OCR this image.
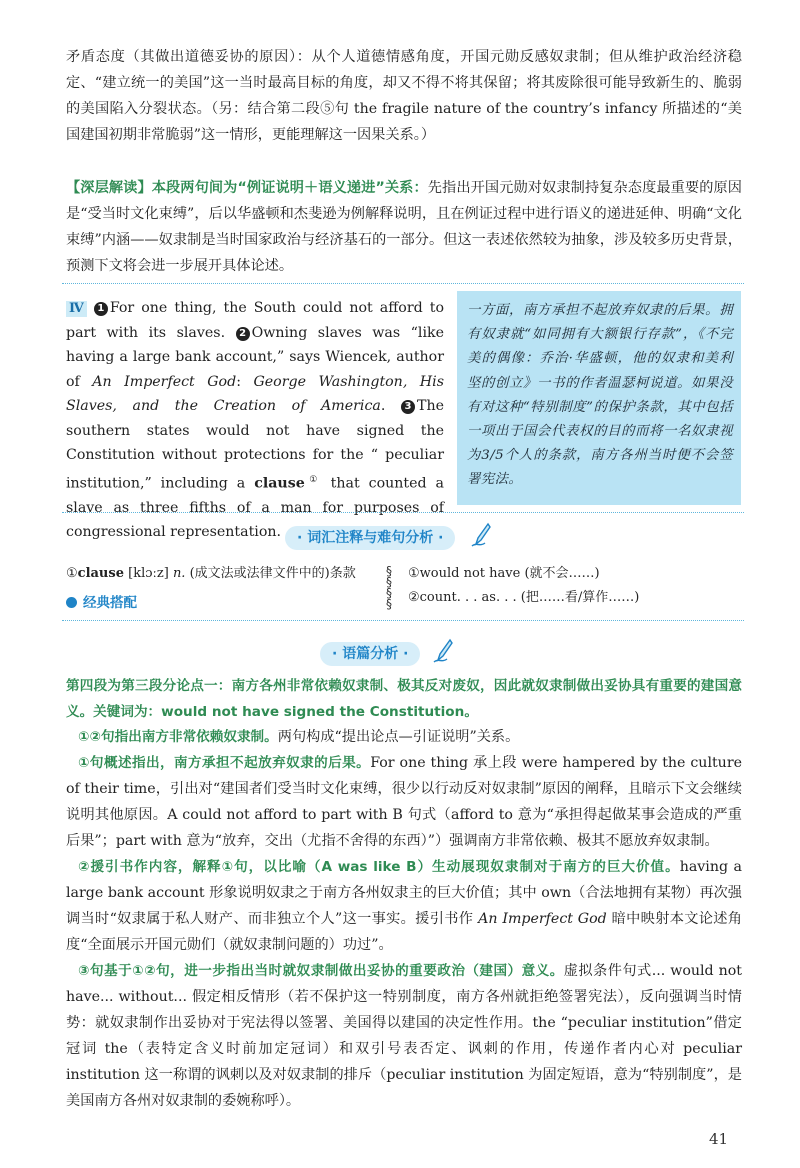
矛盾态度（其做出道德妥协的原因）：从个人道德情感角度，开国元勋反感奴隶制；但从维护政治经济稳定、“建立统一的美国”这一当时最高目标的角度，却又不得不将其保留；将其废除很可能导致新生的、脆弱的美国陷入分裂状态。（另：结合第二段⑤句 the fragile nature of the country’s infancy 所描述的“美国建国初期非常脆弱”这一情形，更能理解这一因果关系。）

【深层解读】本段两句间为“例证说明＋语义递进”关系：先指出开国元勋对奴隶制持复杂态度最重要的原因是“受当时文化束缚”，后以华盛顿和杰斐逊为例解释说明，且在例证过程中进行语义的递进延伸、明确“文化束缚”内涵——奴隶制是当时国家政治与经济基石的一部分。但这一表述依然较为抽象，涉及较多历史背景，预测下文将会进一步展开具体论述。

Ⅳ 1 For one thing, the South could not afford to part with its slaves. 2 Owning slaves was “like having a large bank account,” says Wiencek, author of An Imperfect God: George Washington, His Slaves, and the Creation of America. 3 The southern states would not have signed the Constitution without protections for the “ peculiar institution,” including a clause① that counted a slave as three fifths of a man for purposes of congressional representation.

一方面，南方承担不起放弃奴隶的后果。拥有奴隶就“如同拥有大额银行存款”，《不完美的偶像：乔治·华盛顿，他的奴隶和美利坚的创立》一书的作者温瑟柯说道。如果没有对这种“特别制度”的保护条款，其中包括一项出于国会代表权的目的而将一名奴隶视为3/5个人的条款，南方各州当时便不会签署宪法。

· 词汇注释与难句分析 ·
①clause [klɔːz] n. (成文法或法律文件中的)条款
经典搭配
§
§
§
§
①would not have (就不会……)
②count. . . as. . . (把……看/算作……)
· 语篇分析 ·

第四段为第三段分论点一：南方各州非常依赖奴隶制、极其反对废奴，因此就奴隶制做出妥协具有重要的建国意义。关键词为：would not have signed the Constitution。

①②句指出南方非常依赖奴隶制。两句构成“提出论点—引证说明”关系。

①句概述指出，南方承担不起放弃奴隶的后果。For one thing 承上段 were hampered by the culture of their time，引出对“建国者们受当时文化束缚，很少以行动反对奴隶制”原因的阐释，且暗示下文会继续说明其他原因。A could not afford to part with B 句式（afford to 意为“承担得起做某事会造成的严重后果”；part with 意为“放弃，交出（尤指不舍得的东西）”）强调南方非常依赖、极其不愿放弃奴隶制。

②援引书作内容，解释①句，以比喻（A was like B）生动展现奴隶制对于南方的巨大价值。having a large bank account 形象说明奴隶之于南方各州奴隶主的巨大价值；其中 own（合法地拥有某物）再次强调当时“奴隶属于私人财产、而非独立个人”这一事实。援引书作 An Imperfect God 暗中映射本文论述角度“全面展示开国元勋们（就奴隶制问题的）功过”。

③句基于①②句，进一步指出当时就奴隶制做出妥协的重要政治（建国）意义。虚拟条件句式... would not have... without... 假定相反情形（若不保护这一特别制度，南方各州就拒绝签署宪法），反向强调当时情势：就奴隶制作出妥协对于宪法得以签署、美国得以建国的决定性作用。the “peculiar institution”借定冠词 the（表特定含义时前加定冠词）和双引号表否定、讽刺的作用，传递作者内心对 peculiar institution 这一称谓的讽刺以及对奴隶制的排斥（peculiar institution 为固定短语，意为“特别制度”，是美国南方各州对奴隶制的委婉称呼）。

41
